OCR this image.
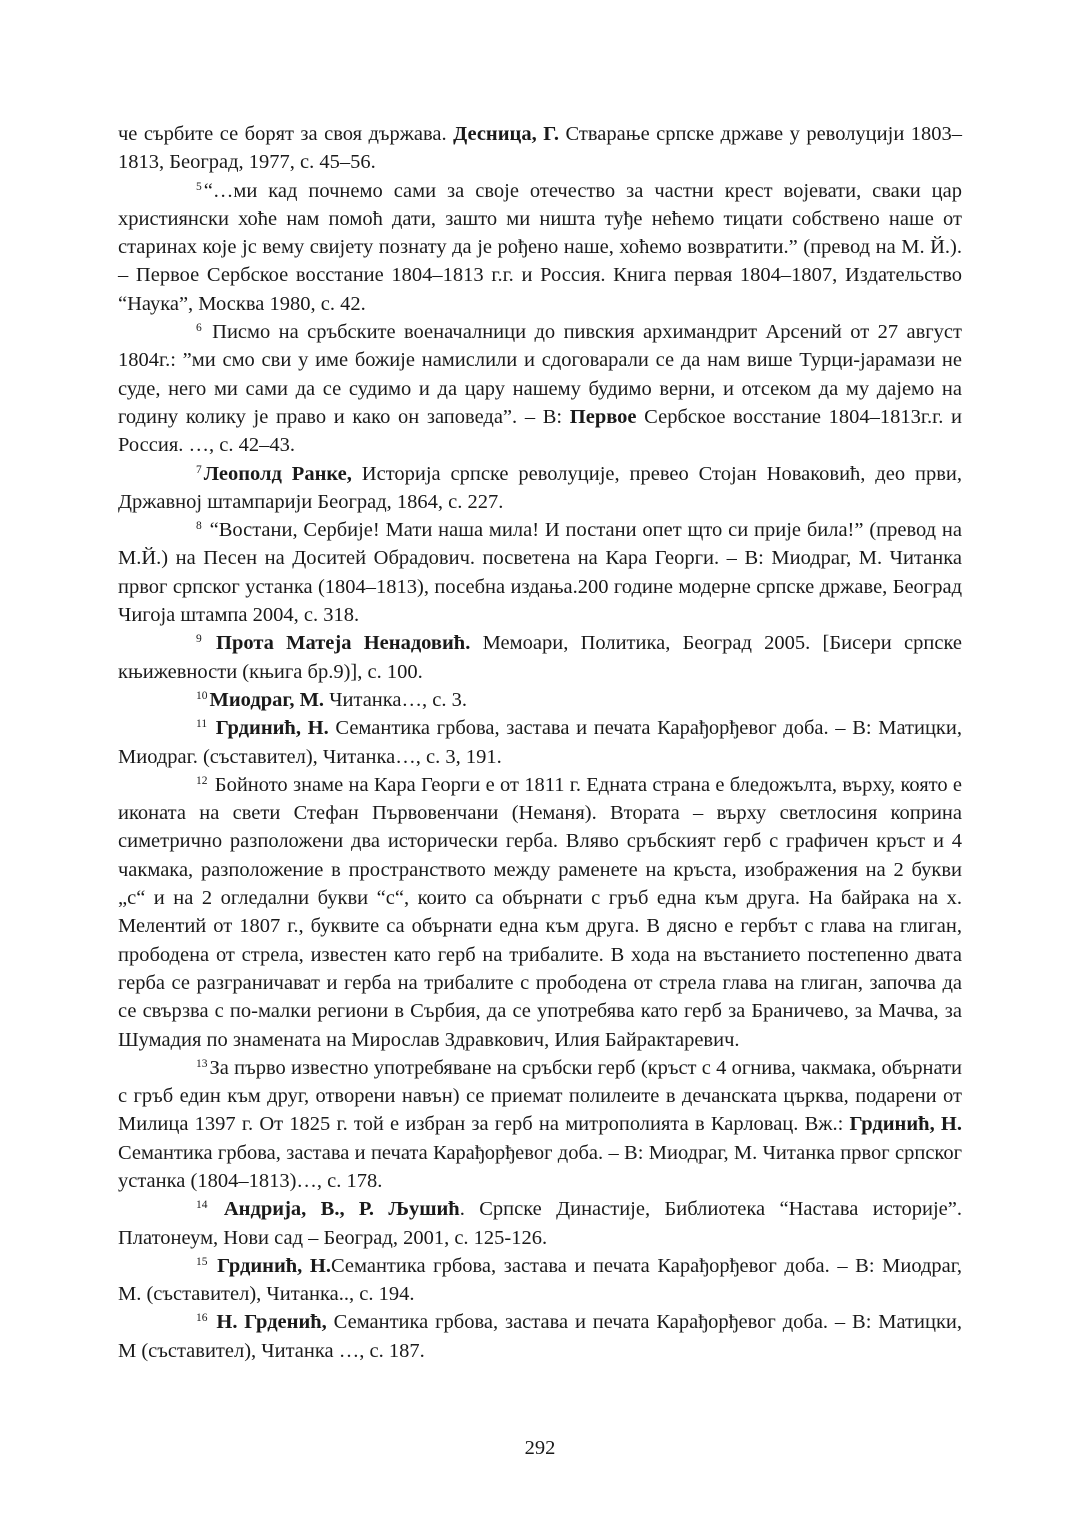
че сърбите се борят за своя държава. Десница, Г. Стварање српске државе у револуцији 1803–1813, Београд, 1977, с. 45–56.

$^5$“…ми кад почнемо сами за своје отечество за частни крест војевати, сваки цар християнски хоће нам помоћ дати, зашто ми ништа туђе нећемо тицати собствено наше от старинах које јс вему свијету познату да је рођено наше, хоћемо возвратити.” (превод на М. Й.). – Первое Сербское восстание 1804–1813 г.г. и Россия. Книга первая 1804–1807, Издательство “Наука”, Москва 1980, с. 42.

$^6$ Писмо на сръбските военачалници до пивския архимандрит Арсений от 27 август 1804г.: ”ми смо сви у име божије намислили и сдоговарали се да нам више Турци-јарамази не суде, него ми сами да се судимо и да цару нашему будимо верни, и отсеком да му дајемо на годину колику је право и како он заповеда”. – В: Первое Сербское восстание 1804–1813г.г. и Россия. …, с. 42–43.

$^7$Леополд Ранке, Историја српске револуције, превео Стојан Новаковић, део први, Државној штампарији Београд, 1864, с. 227.

$^8$ “Востани, Сербије! Мати наша мила! И постани опет щто си прије била!” (превод на М.Й.) на Песен на Доситей Обрадович. посветена на Кара Георги. – В: Миодраг, М. Читанка првог српског устанка (1804–1813), посебна издања.200 године модерне српске државе, Београд Чигоја штампа 2004, с. 318.

$^9$ Прота Матеја Ненадовић. Мемоари, Политика, Београд 2005. [Бисери српске књижевности (књига бр.9)], с. 100.

$^{10}$Миодраг, М. Читанка…, с. 3.

$^{11}$ Грдинић, Н. Семантика грбова, застава и печата Карађорђевог доба. – В: Матицки, Миодраг. (съставител), Читанка…, с. 3, 191.

$^{12}$ Бойното знаме на Кара Георги е от 1811 г. Едната страна е бледожълта, върху, която е иконата на свети Стефан Първовенчани (Неманя). Втората – върху светлосиня коприна симетрично разположени два исторически герба. Вляво сръбският герб с графичен кръст и 4 чакмака, разположение в пространството между раменете на кръста, изображения на 2 букви „с“ и на 2 огледални букви “с“, които са обърнати с гръб една към друга. На байрака на х. Мелентий от 1807 г., буквите са обърнати една към друга. В дясно е гербът с глава на глиган, прободена от стрела, известен като герб на трибалите. В хода на въстанието постепенно двата герба се разграничават и герба на трибалите с прободена от стрела глава на глиган, започва да се свързва с по-малки региони в Сърбия, да се употребява като герб за Браничево, за Мачва, за Шумадия по знамената на Мирослав Здравкович, Илия Байрактаревич.

$^{13}$За първо известно употребяване на сръбски герб (кръст с 4 огнива, чакмака, обърнати с гръб един към друг, отворени навън) се приемат полилеите в дечанската църква, подарени от Милица 1397 г. От 1825 г. той е избран за герб на митрополията в Карловац. Вж.: Грдинић, Н. Семантика грбова, застава и печата Карађорђевог доба. – В: Миодраг, М. Читанка првог српског устанка (1804–1813)…, с. 178.

$^{14}$ Андрија, В., Р. Љушић. Српске Династије, Библиотека “Настава историје”. Платонеум, Нови сад – Београд, 2001, с. 125-126.

$^{15}$ Грдинић, Н.Семантика грбова, застава и печата Карађорђевог доба. – В: Миодраг, М. (съставител), Читанка.., с. 194.

$^{16}$ Н. Грденић, Семантика грбова, застава и печата Карађорђевог доба. – В: Матицки, М (съставител), Читанка …, с. 187.

292
